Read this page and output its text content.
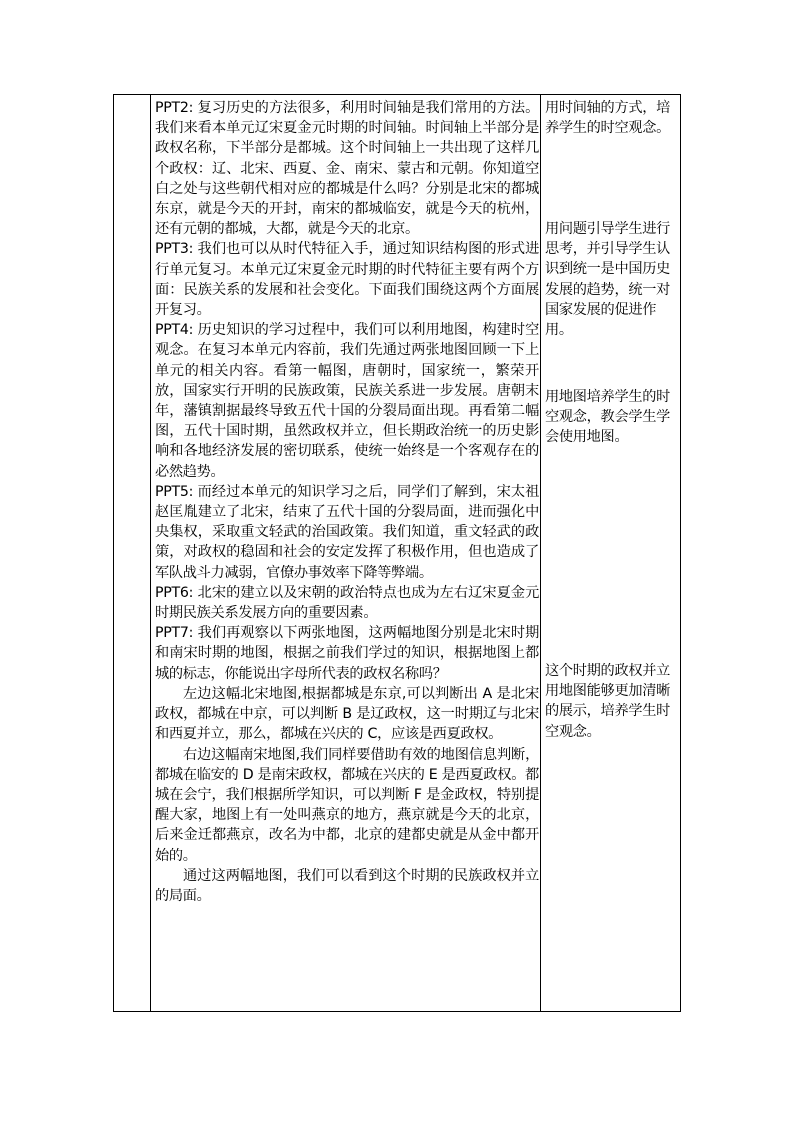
PPT2: 复习历史的方法很多，利用时间轴是我们常用的方法。我们来看本单元辽宋夏金元时期的时间轴。时间轴上半部分是政权名称，下半部分是都城。这个时间轴上一共出现了这样几个政权：辽、北宋、西夏、金、南宋、蒙古和元朝。你知道空白之处与这些朝代相对应的都城是什么吗？分别是北宋的都城东京，就是今天的开封，南宋的都城临安，就是今天的杭州，还有元朝的都城，大都，就是今天的北京。

PPT3: 我们也可以从时代特征入手，通过知识结构图的形式进行单元复习。本单元辽宋夏金元时期的时代特征主要有两个方面：民族关系的发展和社会变化。下面我们围绕这两个方面展开复习。

PPT4: 历史知识的学习过程中，我们可以利用地图，构建时空观念。在复习本单元内容前，我们先通过两张地图回顾一下上单元的相关内容。看第一幅图，唐朝时，国家统一，繁荣开放，国家实行开明的民族政策，民族关系进一步发展。唐朝末年，藩镇割据最终导致五代十国的分裂局面出现。再看第二幅图，五代十国时期，虽然政权并立，但长期政治统一的历史影响和各地经济发展的密切联系，使统一始终是一个客观存在的必然趋势。

PPT5: 而经过本单元的知识学习之后，同学们了解到，宋太祖赵匡胤建立了北宋，结束了五代十国的分裂局面，进而强化中央集权，采取重文轻武的治国政策。我们知道，重文轻武的政策，对政权的稳固和社会的安定发挥了积极作用，但也造成了军队战斗力减弱，官僚办事效率下降等弊端。

PPT6: 北宋的建立以及宋朝的政治特点也成为左右辽宋夏金元时期民族关系发展方向的重要因素。

PPT7: 我们再观察以下两张地图，这两幅地图分别是北宋时期和南宋时期的地图，根据之前我们学过的知识，根据地图上都城的标志，你能说出字母所代表的政权名称吗？

左边这幅北宋地图,根据都城是东京,可以判断出 A 是北宋政权，都城在中京，可以判断 B 是辽政权，这一时期辽与北宋和西夏并立，那么，都城在兴庆的 C，应该是西夏政权。

右边这幅南宋地图,我们同样要借助有效的地图信息判断，都城在临安的 D 是南宋政权，都城在兴庆的 E 是西夏政权。都城在会宁，我们根据所学知识，可以判断 F 是金政权，特别提醒大家，地图上有一处叫燕京的地方，燕京就是今天的北京，后来金迁都燕京，改名为中都，北京的建都史就是从金中都开始的。

通过这两幅地图，我们可以看到这个时期的民族政权并立的局面。

用时间轴的方式，培养学生的时空观念。

用问题引导学生进行思考，并引导学生认识到统一是中国历史发展的趋势，统一对国家发展的促进作用。

用地图培养学生的时空观念，教会学生学会使用地图。

这个时期的政权并立用地图能够更加清晰的展示，培养学生时空观念。
